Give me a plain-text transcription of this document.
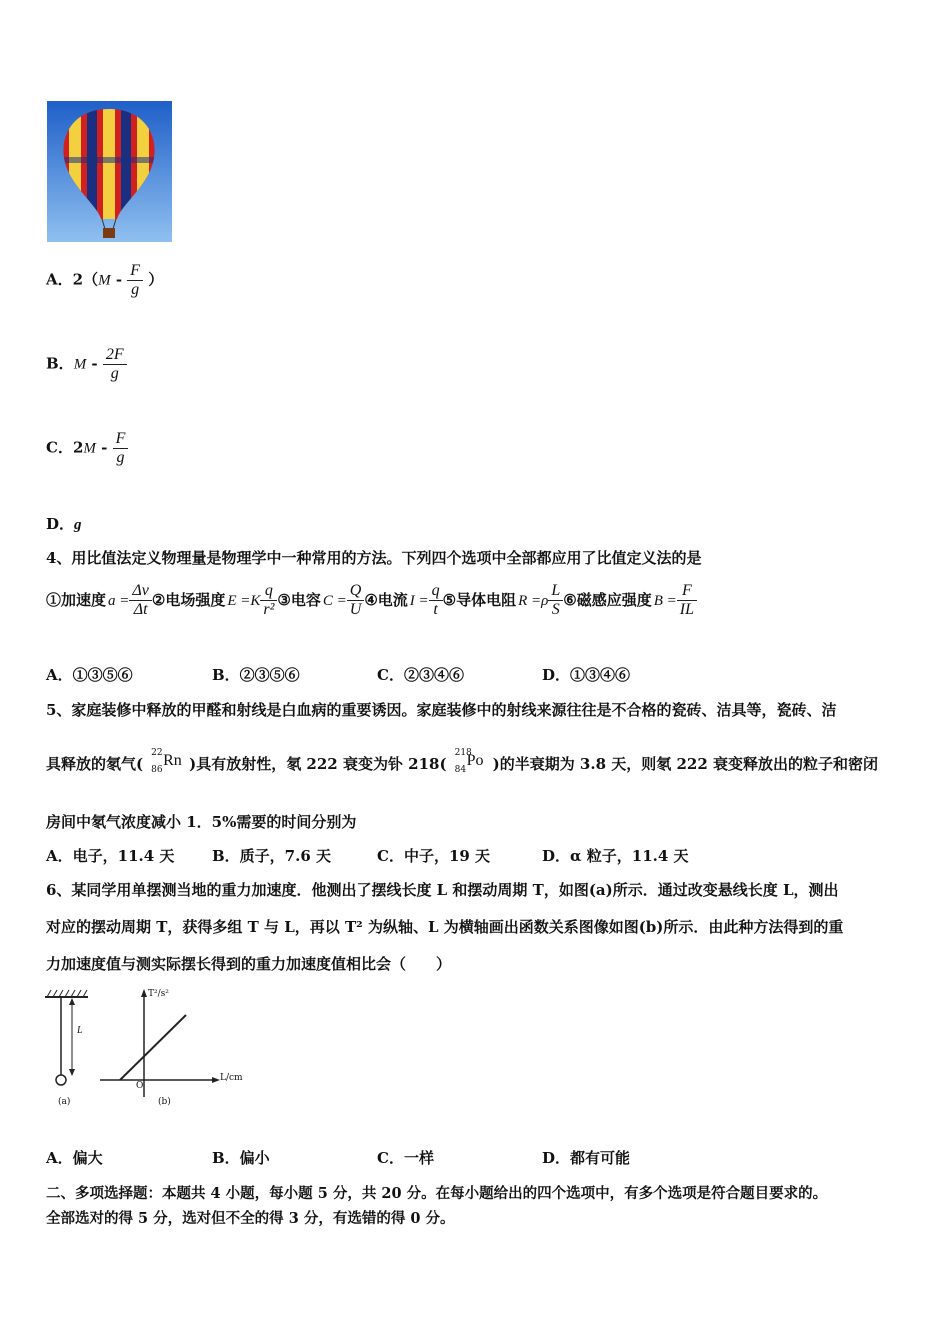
A．$2(M - \frac{F}{g}$ ）
B．M - $\frac{2F}{g}$
C．$2M - \frac{F}{g}$
D．g
4、用比值法定义物理量是物理学中一种常用的方法。下列四个选项中全部都应用了比值定义法的是
①加速度 $a = \frac{\Delta v}{\Delta t}$ ②电场强度 $E =K \frac{q}{\text{r²}}$ ③电容 $C = \frac{Q}{U}$ ④电流 $I = \frac{q}{t}$ ⑤导体电阻 $R =\rho \frac{L}{S}$ ⑥磁感应强度 $B = \frac{F}{IL}$
A．①③⑤⑥	B．②③⑤⑥	C．②③④⑥	D．①③④⑥
5、家庭装修中释放的甲醛和射线是白血病的重要诱因。家庭装修中的射线来源往往是不合格的瓷砖、洁具等，瓷砖、洁
具释放的氡气(
22
86
Rn )具有放射性，氡 222 衰变为钋 218(
218
84
Po )的半衰期为 3.8 天，则氡 222 衰变释放出的粒子和密闭
房间中氡气浓度减小 1．5%需要的时间分别为
A．电子，11.4 天	B．质子，7.6 天	C．中子，19 天	D．α 粒子，11.4 天
6、某同学用单摆测当地的重力加速度．他测出了摆线长度 L 和摆动周期 T，如图(a)所示．通过改变悬线长度 L，测出
对应的摆动周期 T，获得多组 T 与 L，再以 T² 为纵轴、L 为横轴画出函数关系图像如图(b)所示．由此种方法得到的重
力加速度值与测实际摆长得到的重力加速度值相比会（　　）
L
(a)
T²/s²
L/cm
O
(b)
A．偏大	B．偏小	C．一样	D．都有可能
二、多项选择题：本题共 4 小题，每小题 5 分，共 20 分。在每小题给出的四个选项中，有多个选项是符合题目要求的。
全部选对的得 5 分，选对但不全的得 3 分，有选错的得 0 分。
